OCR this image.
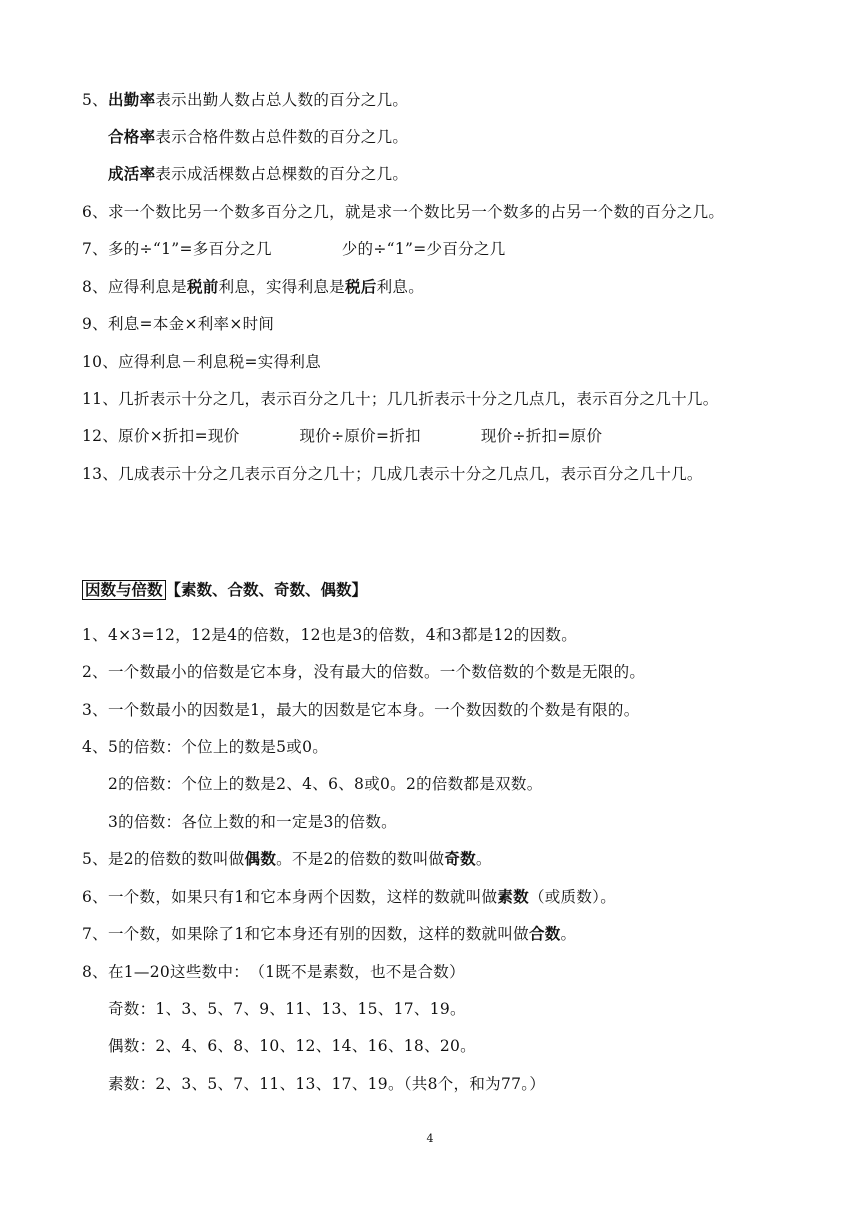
5、出勤率表示出勤人数占总人数的百分之几。
合格率表示合格件数占总件数的百分之几。
成活率表示成活棵数占总棵数的百分之几。
6、求一个数比另一个数多百分之几，就是求一个数比另一个数多的占另一个数的百分之几。
7、多的÷“1”=多百分之几	少的÷“1”=少百分之几
8、应得利息是税前利息，实得利息是税后利息。
9、利息=本金×利率×时间
10、应得利息－利息税=实得利息
11、几折表示十分之几，表示百分之几十；几几折表示十分之几点几，表示百分之几十几。
12、原价×折扣=现价	现价÷原价=折扣	现价÷折扣=原价
13、几成表示十分之几表示百分之几十；几成几表示十分之几点几，表示百分之几十几。
因数与倍数 【素数、合数、奇数、偶数】
1、4×3=12，12是4的倍数，12也是3的倍数，4和3都是12的因数。
2、一个数最小的倍数是它本身，没有最大的倍数。一个数倍数的个数是无限的。
3、一个数最小的因数是1，最大的因数是它本身。一个数因数的个数是有限的。
4、5的倍数：个位上的数是5或0。
2的倍数：个位上的数是2、4、6、8或0。2的倍数都是双数。
3的倍数：各位上数的和一定是3的倍数。
5、是2的倍数的数叫做偶数。不是2的倍数的数叫做奇数。
6、一个数，如果只有1和它本身两个因数，这样的数就叫做素数（或质数）。
7、一个数，如果除了1和它本身还有别的因数，这样的数就叫做合数。
8、在1—20这些数中：　（1既不是素数，也不是合数）
奇数：1、3、5、7、9、11、13、15、17、19。
偶数：2、4、6、8、10、12、14、16、18、20。
素数：2、3、5、7、11、13、17、19。（共8个，和为77。）
4
